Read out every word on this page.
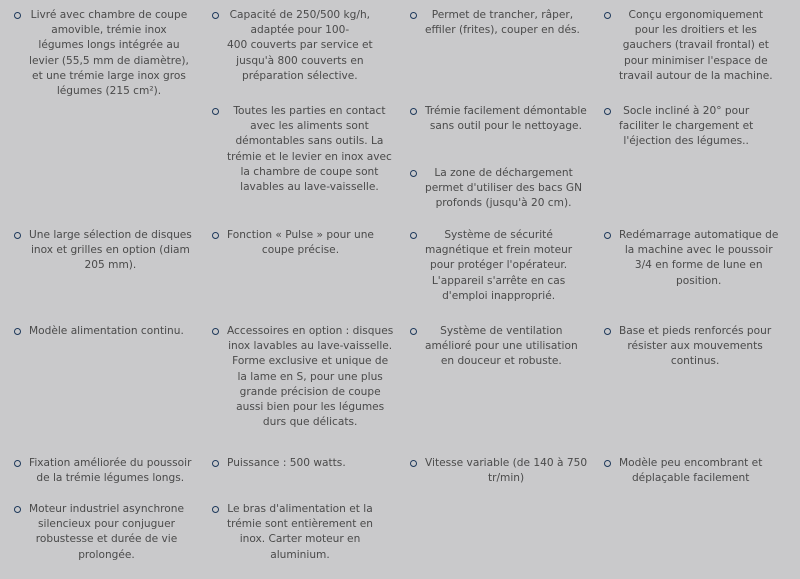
Livré avec chambre de coupe
amovible, trémie inox
légumes longs intégrée au
levier (55,5 mm de diamètre),
et une trémie large inox gros
légumes (215 cm²).
Capacité de 250/500 kg/h,
adaptée pour 100-
400 couverts par service et
jusqu'à 800 couverts en
préparation sélective.
Permet de trancher, râper,
effiler (frites), couper en dés.
Conçu ergonomiquement
pour les droitiers et les
gauchers (travail frontal) et
pour minimiser l'espace de
travail autour de la machine.
Toutes les parties en contact
avec les aliments sont
démontables sans outils. La
trémie et le levier en inox avec
la chambre de coupe sont
lavables au lave-vaisselle.
Trémie facilement démontable
sans outil pour le nettoyage.
Socle incliné à 20° pour
faciliter le chargement et
l'éjection des légumes..
La zone de déchargement
permet d'utiliser des bacs GN
profonds (jusqu'à 20 cm).
Une large sélection de disques
inox et grilles en option (diam
205 mm).
Fonction « Pulse » pour une
coupe précise.
Système de sécurité
magnétique et frein moteur
pour protéger l'opérateur.
L'appareil s'arrête en cas
d'emploi inapproprié.
Redémarrage automatique de
la machine avec le poussoir
3/4 en forme de lune en
position.
Modèle alimentation continu.	Accessoires en option : disques
inox lavables au lave-vaisselle.
Forme exclusive et unique de
la lame en S, pour une plus
grande précision de coupe
aussi bien pour les légumes
durs que délicats.
Système de ventilation
amélioré pour une utilisation
en douceur et robuste.
Base et pieds renforcés pour
résister aux mouvements
continus.
Fixation améliorée du poussoir
de la trémie légumes longs.
Puissance : 500 watts.	Vitesse variable (de 140 à 750
tr/min)
Modèle peu encombrant et
déplaçable facilement
Moteur industriel asynchrone
silencieux pour conjuguer
robustesse et durée de vie
prolongée.
Le bras d'alimentation et la
trémie sont entièrement en
inox. Carter moteur en
aluminium.
